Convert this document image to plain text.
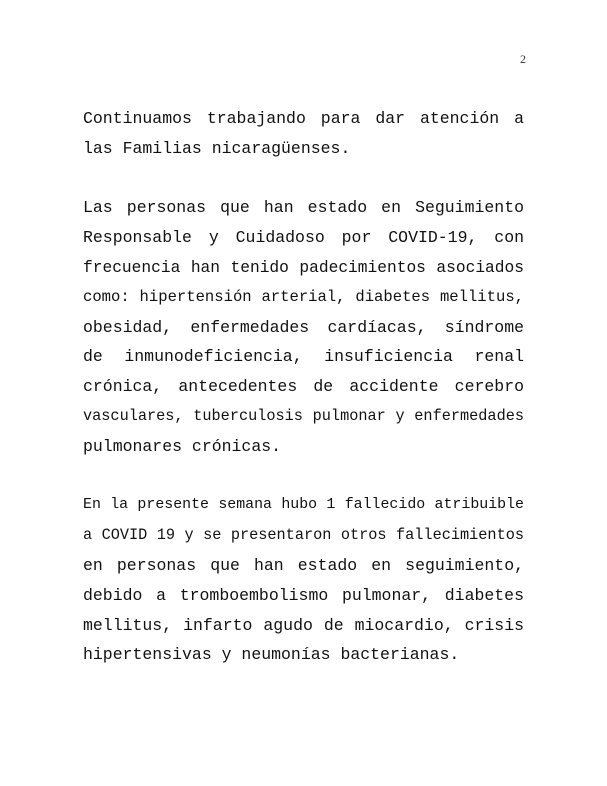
2

Continuamos trabajando para dar atención a
las Familias nicaragüenses.

Las personas que han estado en Seguimiento
Responsable y Cuidadoso por COVID-19, con
frecuencia han tenido padecimientos asociados
como: hipertensión arterial, diabetes mellitus,
obesidad, enfermedades cardíacas, síndrome
de inmunodeficiencia, insuficiencia renal
crónica, antecedentes de accidente cerebro
vasculares, tuberculosis pulmonar y enfermedades
pulmonares crónicas.

En la presente semana hubo 1 fallecido atribuible
a COVID 19 y se presentaron otros fallecimientos
en personas que han estado en seguimiento,
debido a tromboembolismo pulmonar, diabetes
mellitus, infarto agudo de miocardio, crisis
hipertensivas y neumonías bacterianas.
